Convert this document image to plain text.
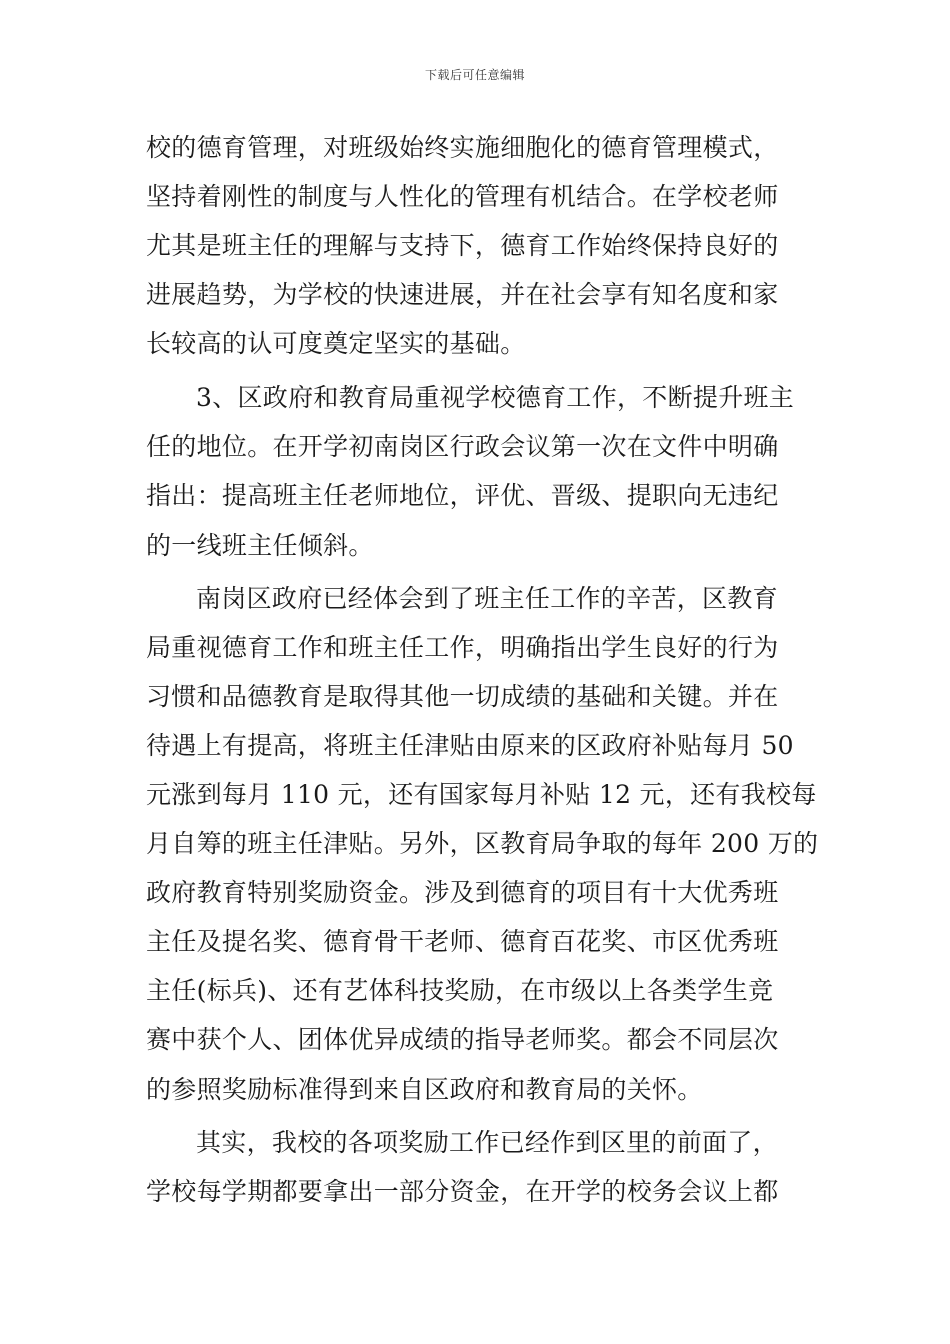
下载后可任意编辑
校的德育管理，对班级始终实施细胞化的德育管理模式，
坚持着刚性的制度与人性化的管理有机结合。在学校老师
尤其是班主任的理解与支持下，德育工作始终保持良好的
进展趋势，为学校的快速进展，并在社会享有知名度和家
长较高的认可度奠定坚实的基础。
3、区政府和教育局重视学校德育工作，不断提升班主
任的地位。在开学初南岗区行政会议第一次在文件中明确
指出：提高班主任老师地位，评优、晋级、提职向无违纪
的一线班主任倾斜。
南岗区政府已经体会到了班主任工作的辛苦，区教育
局重视德育工作和班主任工作，明确指出学生良好的行为
习惯和品德教育是取得其他一切成绩的基础和关键。并在
待遇上有提高，将班主任津贴由原来的区政府补贴每月 50
元涨到每月 110 元，还有国家每月补贴 12 元，还有我校每
月自筹的班主任津贴。另外，区教育局争取的每年 200 万的
政府教育特别奖励资金。涉及到德育的项目有十大优秀班
主任及提名奖、德育骨干老师、德育百花奖、市区优秀班
主任(标兵)、还有艺体科技奖励，在市级以上各类学生竞
赛中获个人、团体优异成绩的指导老师奖。都会不同层次
的参照奖励标准得到来自区政府和教育局的关怀。
其实，我校的各项奖励工作已经作到区里的前面了，
学校每学期都要拿出一部分资金，在开学的校务会议上都
